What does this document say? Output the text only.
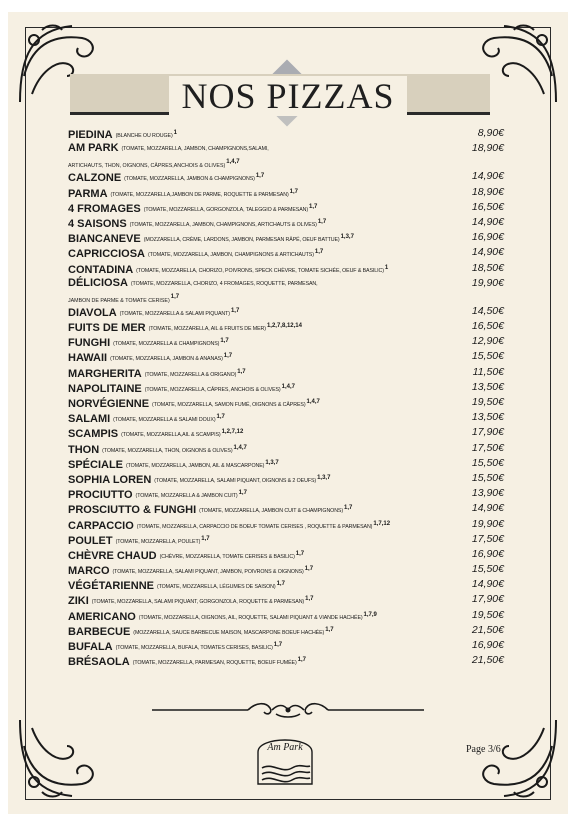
NOS PIZZAS
PIEDINA (BLANCHE OU ROUGE)$^1$	8,90€
AM PARK (TOMATE, MOZZARELLA, JAMBON, CHAMPIGNONS,SALAMI,	18,90€
ARTICHAUTS, THON, OIGNONS, CÂPRES,ANCHOIS & OLIVES)1,4,7
CALZONE (TOMATE, MOZZARELLA, JAMBON & CHAMPIGNONS)$^{1,7}$	14,90€
PARMA (TOMATE, MOZZARELLA,JAMBON DE PARME, ROQUETTE & PARMESAN)$^{1,7}$	18,90€
4 FROMAGES (TOMATE, MOZZARELLA, GORGONZOLA, TALEGGIO & PARMESAN)$^{1,7}$	16,50€
4 SAISONS (TOMATE, MOZZARELLA, JAMBON, CHAMPIGNONS, ARTICHAUTS & OLIVES)$^{1,7}$	14,90€
BIANCANEVE (MOZZARELLA, CRÈME, LARDONS, JAMBON, PARMESAN RÂPÉ, OEUF BATTUE)$^{1,3,7}$	16,90€
CAPRICCIOSA (TOMATE, MOZZARELLA, JAMBON, CHAMPIGNONS & ARTICHAUTS)$^{1,7}$	14,90€
CONTADINA (TOMATE, MOZZARELLA, CHORIZO, POIVRONS, SPECK CHÈVRE, TOMATE SICHÉE, OEUF & BASILIC)$^1$	18,50€
DÉLICIOSA (TOMATE, MOZZARELLA, CHORIZO, 4 FROMAGES, ROQUETTE, PARMESAN,	19,90€
JAMBON DE PARME & TOMATE CERISE)1,7
DIAVOLA (TOMATE, MOZZARELLA & SALAMI PIQUANT)$^{1,7}$	14,50€
FUITS DE MER (TOMATE, MOZZARELLA, AIL & FRUITS DE MER)$^{1,2,7,8,12,14}$	16,50€
FUNGHI (TOMATE, MOZZARELLA & CHAMPIGNONS)$^{1,7}$	12,90€
HAWAII (TOMATE, MOZZARELLA, JAMBON & ANANAS)$^{1,7}$	15,50€
MARGHERITA (TOMATE, MOZZARELLA & ORIGANO)$^{1,7}$	11,50€
NAPOLITAINE (TOMATE, MOZZARELLA, CÂPRES, ANCHOIS & OLIVES)$^{1,4,7}$	13,50€
NORVÉGIENNE (TOMATE, MOZZARELLA, SAMON FUMÉ, OIGNONS & CÂPRES)$^{1,4,7}$	19,50€
SALAMI (TOMATE, MOZZARELLA & SALAMI DOUX)$^{1,7}$	13,50€
SCAMPIS (TOMATE, MOZZARELLA,AIL & SCAMPIS)$^{1,2,7,12}$	17,90€
THON (TOMATE, MOZZARELLA, THON, OIGNONS & OLIVES)$^{1,4,7}$	17,50€
SPÉCIALE (TOMATE, MOZZARELLA, JAMBON, AIL & MASCARPONE)$^{1,3,7}$	15,50€
SOPHIA LOREN (TOMATE, MOZZARELLA, SALAMI PIQUANT, OIGNONS & 2 OEUFS)$^{1,3,7}$	15,50€
PROCIUTTO (TOMATE, MOZZARELLA & JAMBON CUIT)$^{1,7}$	13,90€
PROSCIUTTO & FUNGHI (TOMATE, MOZZARELLA, JAMBON CUIT & CHAMPIGNONS)$^{1,7}$	14,90€
CARPACCIO (TOMATE, MOZZARELLA, CARPACCIO DE BOEUF TOMATE CERISES , ROQUETTE & PARMESAN)$^{1,7,12}$	19,90€
POULET (TOMATE, MOZZARELLA, POULET)$^{1,7}$	17,50€
CHÈVRE CHAUD (CHÈVRE, MOZZARELLA, TOMATE CERISES & BASILIC)$^{1,7}$	16,90€
MARCO (TOMATE, MOZZARELLA, SALAMI PIQUANT, JAMBON, POIVRONS & OIGNONS)$^{1,7}$	15,50€
VÉGÉTARIENNE (TOMATE, MOZZARELLA, LÉGUMES DE SAISON)$^{1,7}$	14,90€
ZIKI (TOMATE, MOZZARELLA, SALAMI PIQUANT, GORGONZOLA, ROQUETTE & PARMESAN)$^{1,7}$	17,90€
AMERICANO (TOMATE, MOZZARELLA, OIGNONS, AIL, ROQUETTE, SALAMI PIQUANT & VIANDE HACHÉE)$^{1,7,9}$	19,50€
BARBECUE (MOZZARELLA, SAUCE BARBECUE MAISON, MASCARPONE BOEUF HACHÉE)$^{1,7}$	21,50€
BUFALA (TOMATE, MOZZARELLA, BUFALA, TOMATES CERISES, BASILIC)$^{1,7}$	16,90€
BRÉSAOLA (TOMATE, MOZZARELLA, PARMESAN, ROQUETTE, BOEUF FUMÉE)$^{1,7}$	21,50€
Am Park	Page 3/6
